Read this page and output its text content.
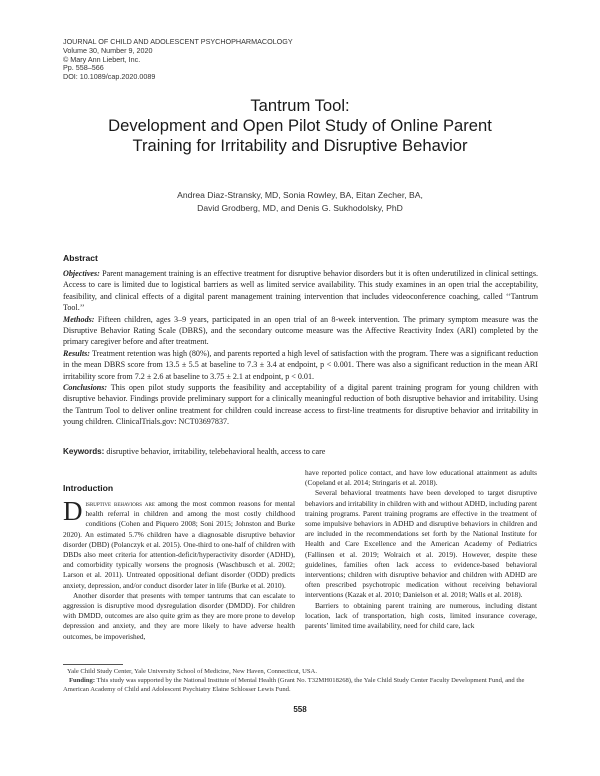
JOURNAL OF CHILD AND ADOLESCENT PSYCHOPHARMACOLOGY
Volume 30, Number 9, 2020
© Mary Ann Liebert, Inc.
Pp. 558–566
DOI: 10.1089/cap.2020.0089
Tantrum Tool:
Development and Open Pilot Study of Online Parent
Training for Irritability and Disruptive Behavior
Andrea Diaz-Stransky, MD, Sonia Rowley, BA, Eitan Zecher, BA,
David Grodberg, MD, and Denis G. Sukhodolsky, PhD
Abstract

Objectives: Parent management training is an effective treatment for disruptive behavior disorders but it is often underutilized in clinical settings. Access to care is limited due to logistical barriers as well as limited service availability. This study examines in an open trial the acceptability, feasibility, and clinical effects of a digital parent management training intervention that includes videoconference coaching, called ‘‘Tantrum Tool.’’

Methods: Fifteen children, ages 3–9 years, participated in an open trial of an 8-week intervention. The primary symptom measure was the Disruptive Behavior Rating Scale (DBRS), and the secondary outcome measure was the Affective Reactivity Index (ARI) completed by the primary caregiver before and after treatment.

Results: Treatment retention was high (80%), and parents reported a high level of satisfaction with the program. There was a significant reduction in the mean DBRS score from 13.5 ± 5.5 at baseline to 7.3 ± 3.4 at endpoint, p < 0.001. There was also a significant reduction in the mean ARI irritability score from 7.2 ± 2.6 at baseline to 3.75 ± 2.1 at endpoint, p < 0.01.

Conclusions: This open pilot study supports the feasibility and acceptability of a digital parent training program for young children with disruptive behavior. Findings provide preliminary support for a clinically meaningful reduction of both disruptive behavior and irritability. Using the Tantrum Tool to deliver online treatment for children could increase access to first-line treatments for disruptive behavior and irritability in young children. ClinicalTrials.gov: NCT03697837.

Keywords: disruptive behavior, irritability, telebehavioral health, access to care
Introduction

Disruptive behaviors are among the most common reasons for mental health referral in children and among the most costly childhood conditions (Cohen and Piquero 2008; Soni 2015; Johnston and Burke 2020). An estimated 5.7% children have a diagnosable disruptive behavior disorder (DBD) (Polanczyk et al. 2015). One-third to one-half of children with DBDs also meet criteria for attention-deficit/hyperactivity disorder (ADHD), and comorbidity typically worsens the prognosis (Waschbusch et al. 2002; Larson et al. 2011). Untreated oppositional defiant disorder (ODD) predicts anxiety, depression, and/or conduct disorder later in life (Burke et al. 2010).

Another disorder that presents with temper tantrums that can escalate to aggression is disruptive mood dysregulation disorder (DMDD). For children with DMDD, outcomes are also quite grim as they are more prone to develop depression and anxiety, and they are more likely to have adverse health outcomes, be impoverished,

have reported police contact, and have low educational attainment as adults (Copeland et al. 2014; Stringaris et al. 2018).

Several behavioral treatments have been developed to target disruptive behaviors and irritability in children with and without ADHD, including parent training programs. Parent training programs are effective in the treatment of some impulsive behaviors in ADHD and disruptive behaviors in children and are included in the recommendations set forth by the National Institute for Health and Care Excellence and the American Academy of Pediatrics (Fallinsen et al. 2019; Wolraich et al. 2019). However, despite these guidelines, families often lack access to evidence-based behavioral interventions; children with disruptive behavior and children with ADHD are often prescribed psychotropic medication without receiving behavioral interventions (Kazak et al. 2010; Danielson et al. 2018; Walls et al. 2018).

Barriers to obtaining parent training are numerous, including distant location, lack of transportation, high costs, limited insurance coverage, parents’ limited time availability, need for child care, lack

Yale Child Study Center, Yale University School of Medicine, New Haven, Connecticut, USA.

Funding: This study was supported by the National Institute of Mental Health (Grant No. T32MH018268), the Yale Child Study Center Faculty Development Fund, and the American Academy of Child and Adolescent Psychiatry Elaine Schlosser Lewis Fund.

558
